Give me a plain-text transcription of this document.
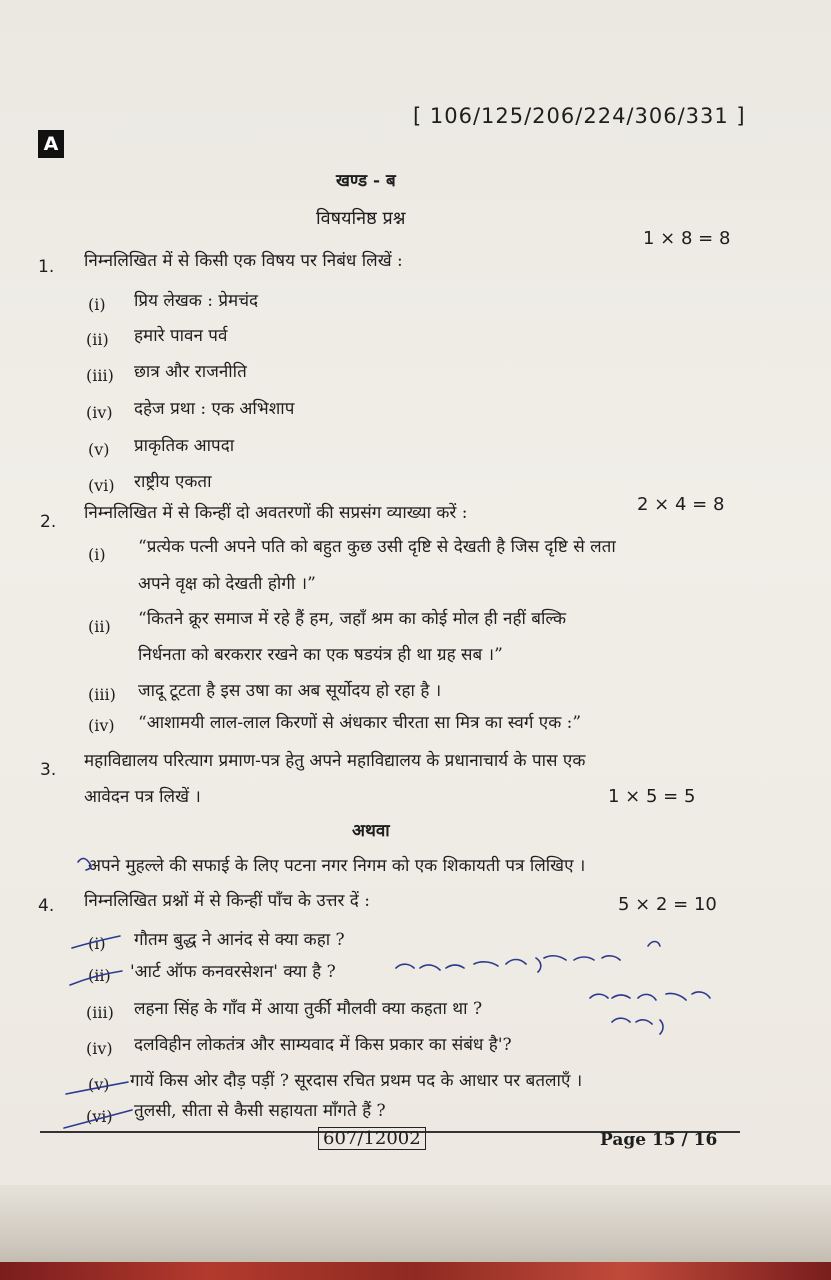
A
[ 106/125/206/224/306/331 ]
खण्ड - ब
विषयनिष्ठ प्रश्न
1 × 8 = 8
1. निम्नलिखित में से किसी एक विषय पर निबंध लिखें :
(i) प्रिय लेखक : प्रेमचंद
(ii) हमारे पावन पर्व
(iii) छात्र और राजनीति
(iv) दहेज प्रथा : एक अभिशाप
(v) प्राकृतिक आपदा
(vi) राष्ट्रीय एकता
2. निम्नलिखित में से किन्हीं दो अवतरणों की सप्रसंग व्याख्या करें :	2 × 4 = 8
(i) “प्रत्येक पत्नी अपने पति को बहुत कुछ उसी दृष्टि से देखती है जिस दृष्टि से लता
अपने वृक्ष को देखती होगी ।”
(ii) “कितने क्रूर समाज में रहे हैं हम, जहाँ श्रम का कोई मोल ही नहीं बल्कि
निर्धनता को बरकरार रखने का एक षडयंत्र ही था ग्रह सब ।”
(iii) जादू टूटता है इस उषा का अब सूर्योदय हो रहा है ।
(iv) “आशामयी लाल-लाल किरणों से अंधकार चीरता सा मित्र का स्वर्ग एक :”
3. महाविद्यालय परित्याग प्रमाण-पत्र हेतु अपने महाविद्यालय के प्रधानाचार्य के पास एक
आवेदन पत्र लिखें ।	1 × 5 = 5
अथवा
अपने मुहल्ले की सफाई के लिए पटना नगर निगम को एक शिकायती पत्र लिखिए ।
4. निम्नलिखित प्रश्नों में से किन्हीं पाँच के उत्तर दें :	5 × 2 = 10
(i) गौतम बुद्ध ने आनंद से क्या कहा ?
(ii) 'आर्ट ऑफ कनवरसेशन' क्या है ?
(iii) लहना सिंह के गाँव में आया तुर्की मौलवी क्या कहता था ?
(iv) दलविहीन लोकतंत्र और साम्यवाद में किस प्रकार का संबंध है'?
(v) गायें किस ओर दौड़ पड़ीं ? सूरदास रचित प्रथम पद के आधार पर बतलाएँ ।
(vi) तुलसी, सीता से कैसी सहायता माँगते हैं ?
607/12002	Page 15 / 16
